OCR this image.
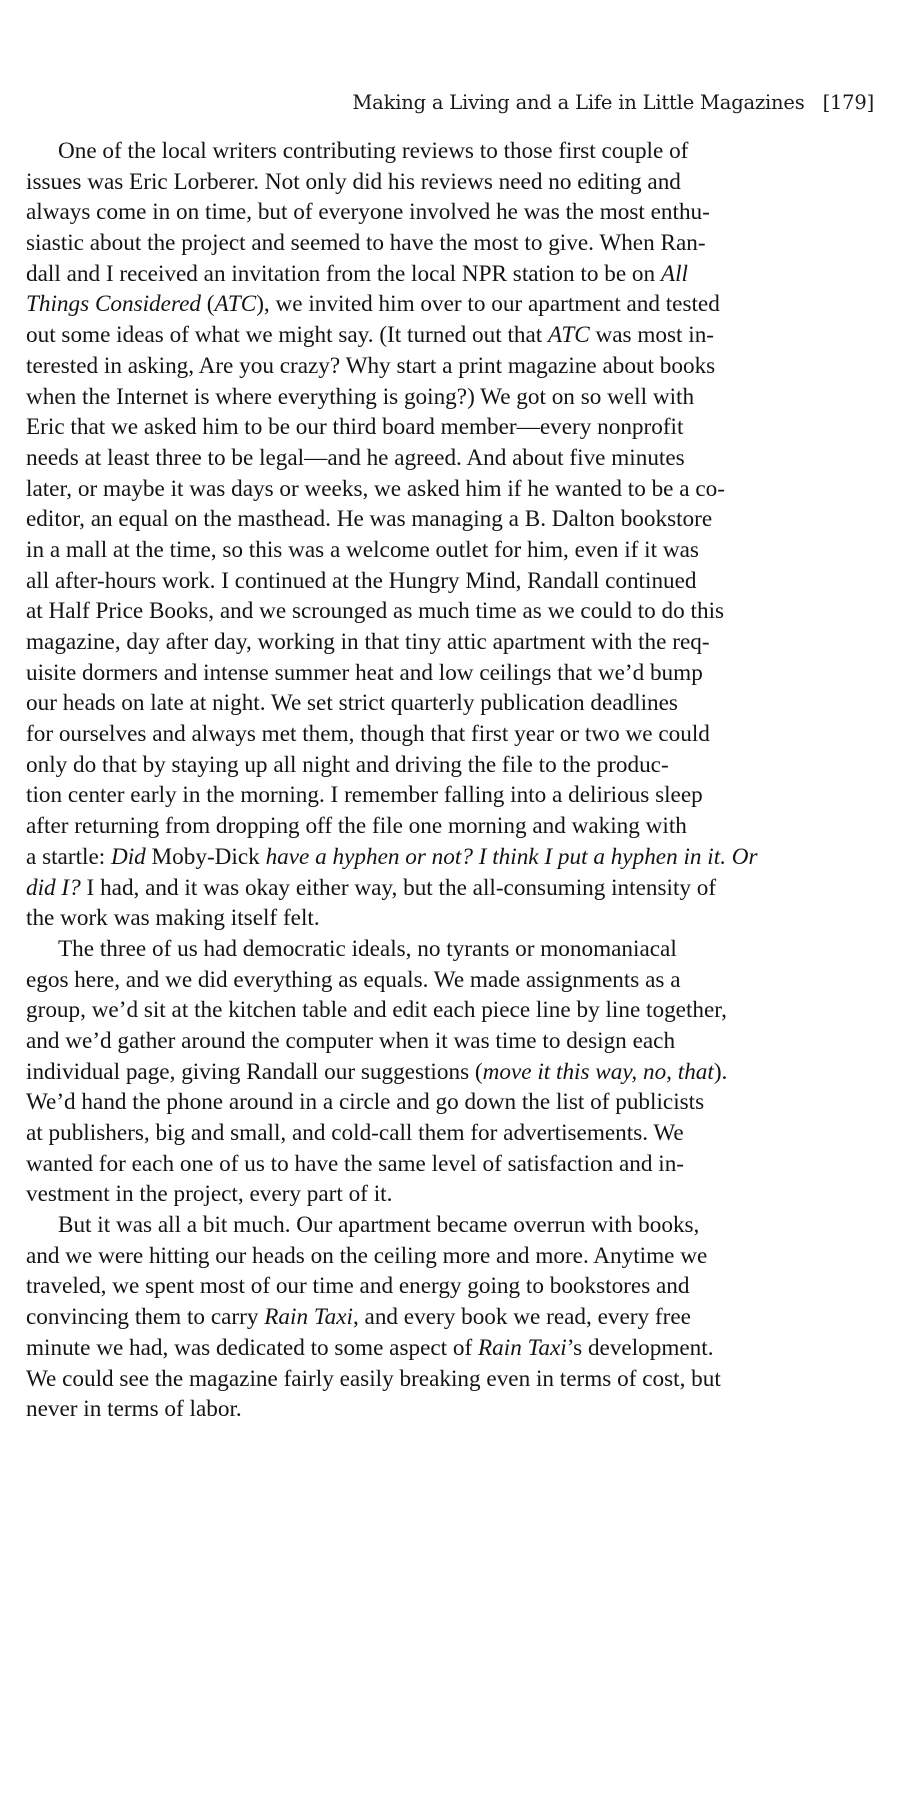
Making a Living and a Life in Little Magazines [179]
One of the local writers contributing reviews to those first couple of
issues was Eric Lorberer. Not only did his reviews need no editing and
always come in on time, but of everyone involved he was the most enthu-
siastic about the project and seemed to have the most to give. When Ran-
dall and I received an invitation from the local NPR station to be on All
Things Considered (ATC), we invited him over to our apartment and tested
out some ideas of what we might say. (It turned out that ATC was most in-
terested in asking, Are you crazy? Why start a print magazine about books
when the Internet is where everything is going?) We got on so well with
Eric that we asked him to be our third board member—every nonprofit
needs at least three to be legal—and he agreed. And about five minutes
later, or maybe it was days or weeks, we asked him if he wanted to be a co-
editor, an equal on the masthead. He was managing a B. Dalton bookstore
in a mall at the time, so this was a welcome outlet for him, even if it was
all after-hours work. I continued at the Hungry Mind, Randall continued
at Half Price Books, and we scrounged as much time as we could to do this
magazine, day after day, working in that tiny attic apartment with the req-
uisite dormers and intense summer heat and low ceilings that we’d bump
our heads on late at night. We set strict quarterly publication deadlines
for ourselves and always met them, though that first year or two we could
only do that by staying up all night and driving the file to the produc-
tion center early in the morning. I remember falling into a delirious sleep
after returning from dropping off the file one morning and waking with
a startle: Did Moby-Dick have a hyphen or not? I think I put a hyphen in it. Or
did I? I had, and it was okay either way, but the all-consuming intensity of
the work was making itself felt.
The three of us had democratic ideals, no tyrants or monomaniacal
egos here, and we did everything as equals. We made assignments as a
group, we’d sit at the kitchen table and edit each piece line by line together,
and we’d gather around the computer when it was time to design each
individual page, giving Randall our suggestions (move it this way, no, that).
We’d hand the phone around in a circle and go down the list of publicists
at publishers, big and small, and cold-call them for advertisements. We
wanted for each one of us to have the same level of satisfaction and in-
vestment in the project, every part of it.
But it was all a bit much. Our apartment became overrun with books,
and we were hitting our heads on the ceiling more and more. Anytime we
traveled, we spent most of our time and energy going to bookstores and
convincing them to carry Rain Taxi, and every book we read, every free
minute we had, was dedicated to some aspect of Rain Taxi’s development.
We could see the magazine fairly easily breaking even in terms of cost, but
never in terms of labor.
